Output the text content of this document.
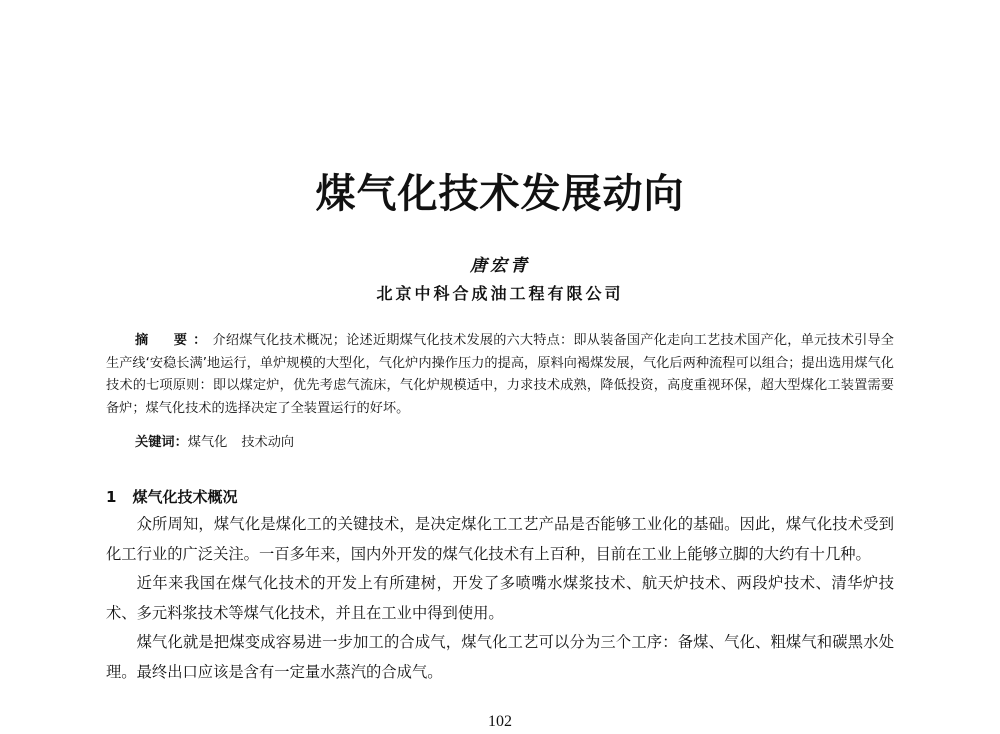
煤气化技术发展动向
唐宏青
北京中科合成油工程有限公司

摘　要：介绍煤气化技术概况；论述近期煤气化技术发展的六大特点：即从装备国产化走向工艺技术国产化，单元技术引导全生产线‘安稳长满’地运行，单炉规模的大型化，气化炉内操作压力的提高，原料向褐煤发展，气化后两种流程可以组合；提出选用煤气化技术的七项原则：即以煤定炉，优先考虑气流床，气化炉规模适中，力求技术成熟，降低投资，高度重视环保，超大型煤化工装置需要备炉；煤气化技术的选择决定了全装置运行的好坏。

关键词：煤气化 技术动向

1 煤气化技术概况

众所周知，煤气化是煤化工的关键技术，是决定煤化工工艺产品是否能够工业化的基础。因此，煤气化技术受到化工行业的广泛关注。一百多年来，国内外开发的煤气化技术有上百种，目前在工业上能够立脚的大约有十几种。

近年来我国在煤气化技术的开发上有所建树，开发了多喷嘴水煤浆技术、航天炉技术、两段炉技术、清华炉技术、多元料浆技术等煤气化技术，并且在工业中得到使用。

煤气化就是把煤变成容易进一步加工的合成气，煤气化工艺可以分为三个工序：备煤、气化、粗煤气和碳黑水处理。最终出口应该是含有一定量水蒸汽的合成气。

102
